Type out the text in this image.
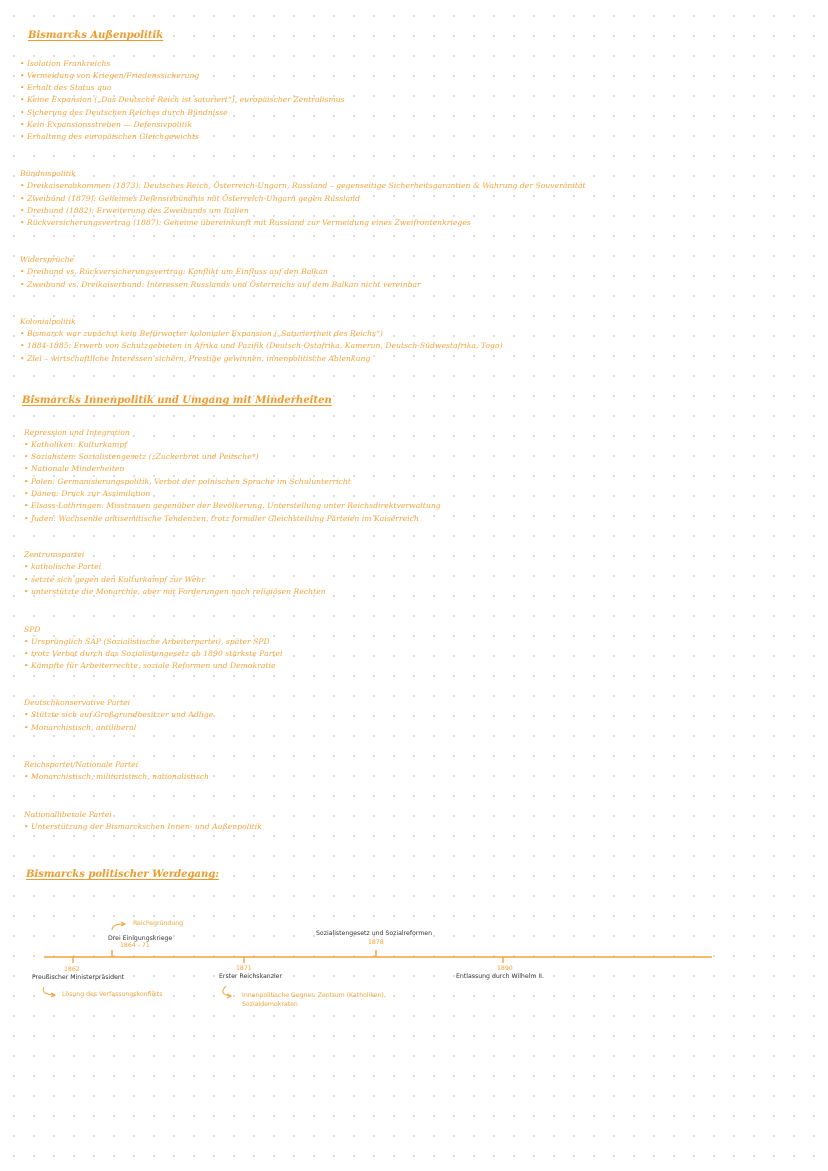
Bismarcks Außenpolitik
• Isolation Frankreichs
• Vermeidung von Kriegen/Friedenssicherung
• Erhalt des Status quo
• Keine Expansion („Das Deutsche Reich ist saturiert“), europäischer Zentralismus
• Sicherung des Deutschen Reiches durch Bündnisse
• Kein Expansionsstreben — Defensivpolitik
• Erhaltung des europäischen Gleichgewichts
Bündnispolitik
• Dreikaiserabkommen (1873): Deutsches Reich, Österreich-Ungarn, Russland – gegenseitige Sicherheitsgarantien & Wahrung der Souveränität
• Zweibund (1879): Geheimes Defensivbündnis mit Österreich-Ungarn gegen Russland
• Dreibund (1882): Erweiterung des Zweibunds um Italien
• Rückversicherungsvertrag (1887): Geheime übereinkunft mit Russland zur Vermeidung eines Zweifrontenkrieges
Widersprüche
• Dreibund vs. Rückversicherungsvertrag: Konflikt um Einfluss auf den Balkan
• Zweibund vs. Dreikaiserbund: Interessen Russlands und Österreichs auf dem Balkan nicht vereinbar
Kolonialpolitik
• Bismarck war zunächst kein Befürworter kolonialer Expansion („Saturiertheit des Reichs“)
• 1884-1885: Erwerb von Schutzgebieten in Afrika und Pazifik (Deutsch-Ostafrika, Kamerun, Deutsch-Südwestafrika, Togo)
• Ziel – wirtschaftliche Interessen sichern, Prestige gewinnen, innenpolitische Ablenkung
Bismarcks Innenpolitik und Umgang mit Minderheiten
Repression und Integration
• Katholiken: Kulturkampf
• Sozialisten: Sozialistengesetz („Zuckerbrot und Peitsche“)
• Nationale Minderheiten
• Polen: Germanisierungspolitik, Verbot der polnischen Sprache im Schulunterricht
• Dänen: Druck zur Assimilation
• Elsass-Lothringen: Misstrauen gegenüber der Bevölkerung, Unterstellung unter Reichsdirektverwaltung
• Juden: Wachsende antisemitische Tendenzen, trotz formaler Gleichstellung Parteien im Kaiserreich
Zentrumspartei
• katholische Partei
• setzte sich gegen den Kulturkampf zur Wehr
• unterstützte die Monarchie, aber mit Forderungen nach religiösen Rechten
SPD
• Ursprünglich SAP (Sozialistische Arbeiterpartei), später SPD
• trotz Verbot durch das Sozialistengesetz ab 1890 stärkste Partei
• Kämpfte für Arbeiterrechte, soziale Reformen und Demokratie
Deutschkonservative Partei
• Stützte sich auf Großgrundbesitzer und Adlige
• Monarchistisch, antiliberal
Reichspartei/Nationale Partei
• Monarchistisch, militaristisch, nationalistisch
Nationalliberale Partei
• Unterstützung der Bismarckschen Innen- und Außenpolitik
Bismarcks politischer Werdegang:
Reichsgründung
Drei Einigungskriege
1864 - 71
Sozialistengesetz und Sozialreformen
1878
1862
Preußischer Ministerpräsident
Lösung des Verfassungskonflikts
1871
Erster Reichskanzler
Innenpolitische Gegner: Zentrum (Katholiken),
Sozialdemokraten
1890
Entlassung durch Wilhelm II.
